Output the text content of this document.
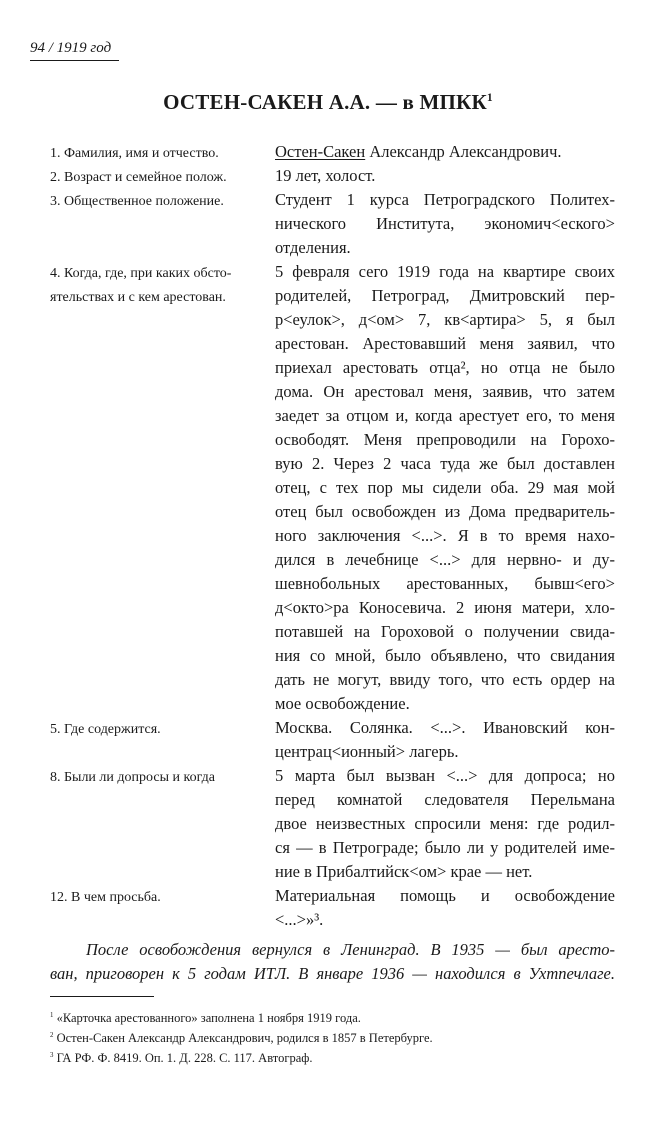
94 / 1919 год
ОСТЕН-САКЕН А.А. — в МПКК$^1$
1. Фамилия, имя и отчество.	Остен-Сакен Александр Александрович.
2. Возраст и семейное полож.	19 лет, холост.
3. Общественное положение.	Студент 1 курса Петроградского Политех-
нического Института, экономич<еского>
отделения.
4. Когда, где, при каких обсто-
ятельствах и с кем арестован.
5 февраля сего 1919 года на квартире своих
родителей, Петроград, Дмитровский пер-
р<еулок>, д<ом> 7, кв<артира> 5, я был
арестован. Арестовавший меня заявил, что
приехал арестовать отца², но отца не было
дома. Он арестовал меня, заявив, что затем
заедет за отцом и, когда арестует его, то меня
освободят. Меня препроводили на Горохо-
вую 2. Через 2 часа туда же был доставлен
отец, с тех пор мы сидели оба. 29 мая мой
отец был освобожден из Дома предваритель-
ного заключения <...>. Я в то время нахо-
дился в лечебнице <...> для нервно- и ду-
шевнобольных арестованных, бывш<его>
д<окто>ра Коносевича. 2 июня матери, хло-
потавшей на Гороховой о получении свида-
ния со мной, было объявлено, что свидания
дать не могут, ввиду того, что есть ордер на
мое освобождение.
5. Где содержится.	Москва. Солянка. <...>. Ивановский кон-
центрац<ионный> лагерь.
8. Были ли допросы и когда	5 марта был вызван <...> для допроса; но
перед комнатой следователя Перельмана
двое неизвестных спросили меня: где родил-
ся — в Петрограде; было ли у родителей име-
ние в Прибалтийск<ом> крае — нет.
12. В чем просьба.	Материальная помощь и освобождение
<...>»³.
После освобождения вернулся в Ленинград. В 1935 — был аресто-
ван, приговорен к 5 годам ИТЛ. В январе 1936 — находился в Ухтпечлаге.
$^1$ «Карточка арестованного» заполнена 1 ноября 1919 года.
$^2$ Остен-Сакен Александр Александрович, родился в 1857 в Петербурге.
$^3$ ГА РФ. Ф. 8419. Оп. 1. Д. 228. С. 117. Автограф.
